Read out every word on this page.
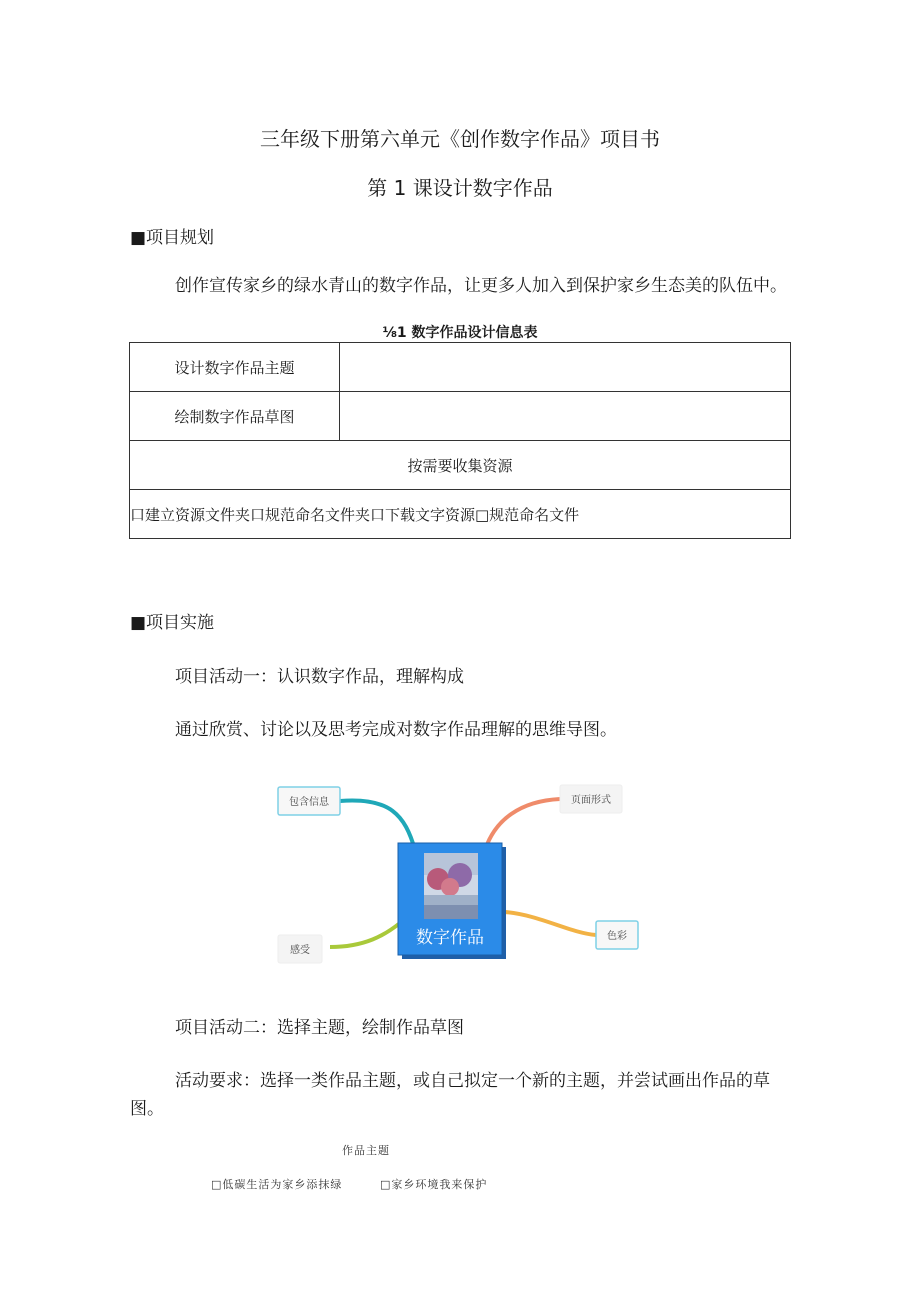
三年级下册第六单元《创作数字作品》项目书
第 1 课设计数字作品
■项目规划
创作宣传家乡的绿水青山的数字作品，让更多人加入到保护家乡生态美的队伍中。
⅛1 数字作品设计信息表
设计数字作品主题	
绘制数字作品草图	
按需要收集资源	
口建立资源文件夹口规范命名文件夹口下载文字资源□规范命名文件	
■项目实施
项目活动一：认识数字作品，理解构成
通过欣赏、讨论以及思考完成对数字作品理解的思维导图。
包含信息	页面形式
色彩
感受
数字作品
项目活动二：选择主题，绘制作品草图
活动要求：选择一类作品主题，或自己拟定一个新的主题，并尝试画出作品的草
图。
作品主题
□低碳生活为家乡添抹绿	□家乡环境我来保护
